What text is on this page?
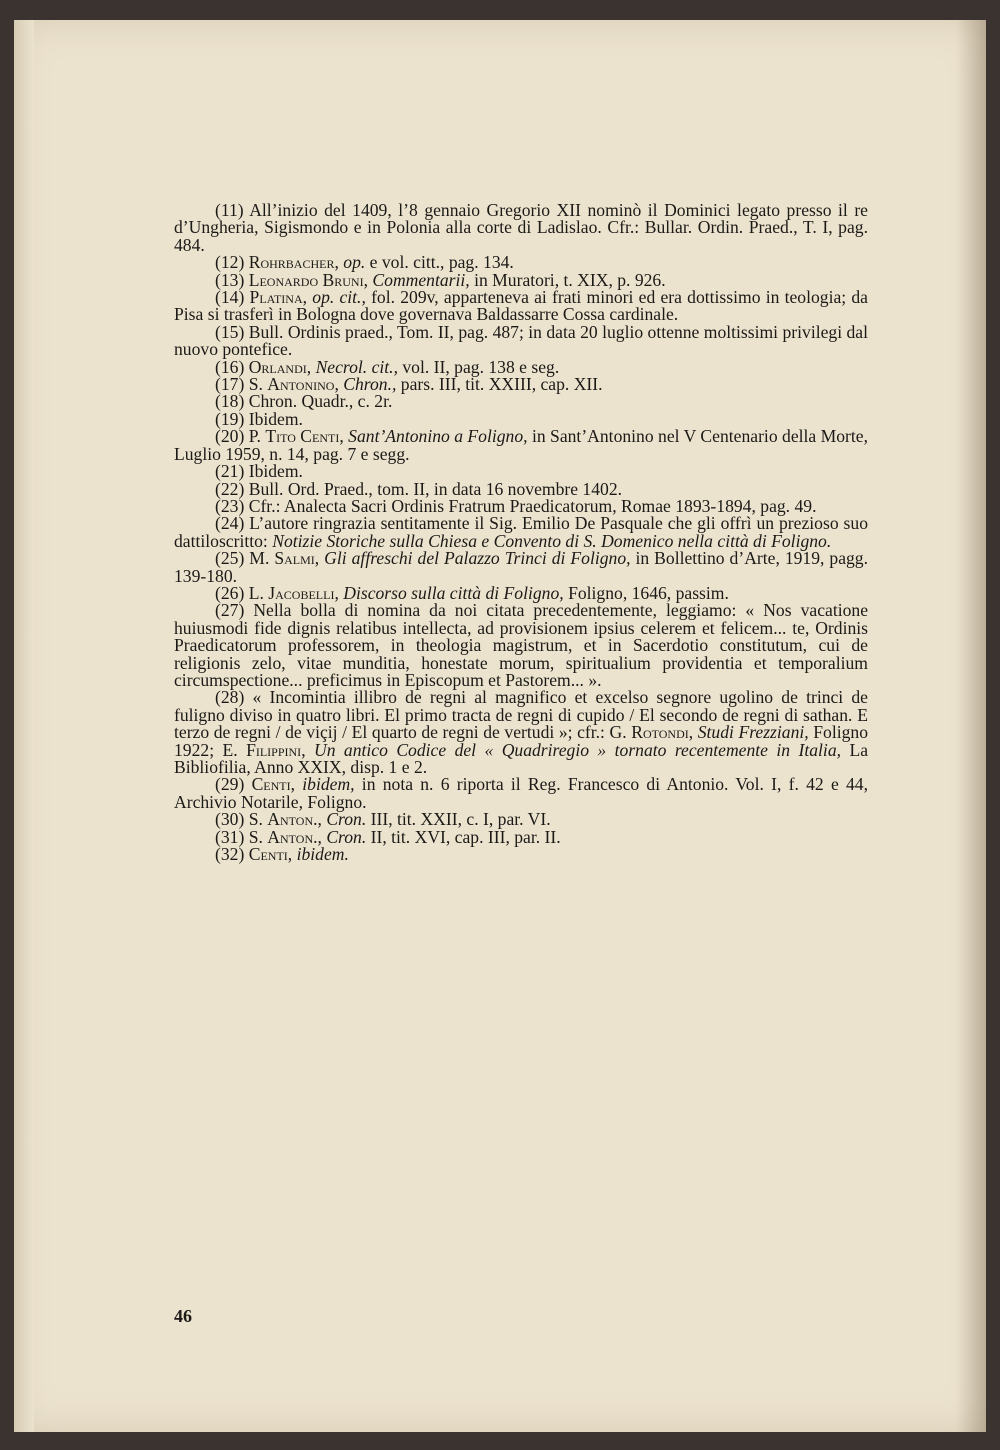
(11) All’inizio del 1409, l’8 gennaio Gregorio XII nominò il Dominici legato presso il re d’Ungheria, Sigismondo e in Polonia alla corte di Ladislao. Cfr.: Bullar. Ordin. Praed., T. I, pag. 484.

(12) Rohrbacher, op. e vol. citt., pag. 134.

(13) Leonardo Bruni, Commentarii, in Muratori, t. XIX, p. 926.

(14) Platina, op. cit., fol. 209v, apparteneva ai frati minori ed era dottissimo in teologia; da Pisa si trasferì in Bologna dove governava Baldassarre Cossa cardinale.

(15) Bull. Ordinis praed., Tom. II, pag. 487; in data 20 luglio ottenne moltissimi privilegi dal nuovo pontefice.

(16) Orlandi, Necrol. cit., vol. II, pag. 138 e seg.

(17) S. Antonino, Chron., pars. III, tit. XXIII, cap. XII.

(18) Chron. Quadr., c. 2r.

(19) Ibidem.

(20) P. Tito Centi, Sant’Antonino a Foligno, in Sant’Antonino nel V Centenario della Morte, Luglio 1959, n. 14, pag. 7 e segg.

(21) Ibidem.

(22) Bull. Ord. Praed., tom. II, in data 16 novembre 1402.

(23) Cfr.: Analecta Sacri Ordinis Fratrum Praedicatorum, Romae 1893-1894, pag. 49.

(24) L’autore ringrazia sentitamente il Sig. Emilio De Pasquale che gli offrì un prezioso suo dattiloscritto: Notizie Storiche sulla Chiesa e Convento di S. Domenico nella città di Foligno.

(25) M. Salmi, Gli affreschi del Palazzo Trinci di Foligno, in Bollettino d’Arte, 1919, pagg. 139-180.

(26) L. Jacobelli, Discorso sulla città di Foligno, Foligno, 1646, passim.

(27) Nella bolla di nomina da noi citata precedentemente, leggiamo: « Nos vacatione huiusmodi fide dignis relatibus intellecta, ad provisionem ipsius celerem et felicem... te, Ordinis Praedicatorum professorem, in theologia magistrum, et in Sacerdotio constitutum, cui de religionis zelo, vitae munditia, honestate morum, spiritualium providentia et temporalium circumspectione... preficimus in Episcopum et Pastorem... ».

(28) « Incomintia illibro de regni al magnifico et excelso segnore ugolino de trinci de fuligno diviso in quatro libri. El primo tracta de regni di cupido / El secondo de regni di sathan. E terzo de regni / de viçij / El quarto de regni de vertudi »; cfr.: G. Rotondi, Studi Frezziani, Foligno 1922; E. Filippini, Un antico Codice del « Quadriregio » tornato recentemente in Italia, La Bibliofilia, Anno XXIX, disp. 1 e 2.

(29) Centi, ibidem, in nota n. 6 riporta il Reg. Francesco di Antonio. Vol. I, f. 42 e 44, Archivio Notarile, Foligno.

(30) S. Anton., Cron. III, tit. XXII, c. I, par. VI.

(31) S. Anton., Cron. II, tit. XVI, cap. III, par. II.

(32) Centi, ibidem.

46
